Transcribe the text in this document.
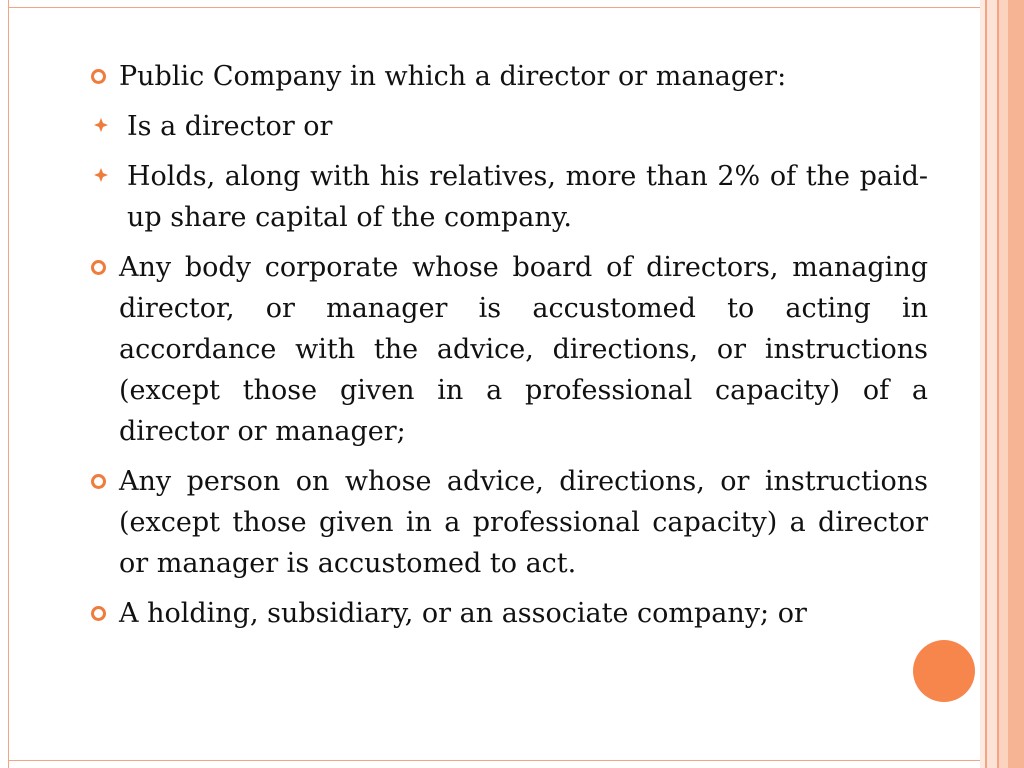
Public Company in which a director or manager:
Is a director or
Holds, along with his relatives, more than 2% of the paid-up share capital of the company.
Any body corporate whose board of directors, managing director, or manager is accustomed to acting in accordance with the advice, directions, or instructions (except those given in a professional capacity) of a director or manager;
Any person on whose advice, directions, or instructions (except those given in a professional capacity) a director or manager is accustomed to act.
A holding, subsidiary, or an associate company; or
